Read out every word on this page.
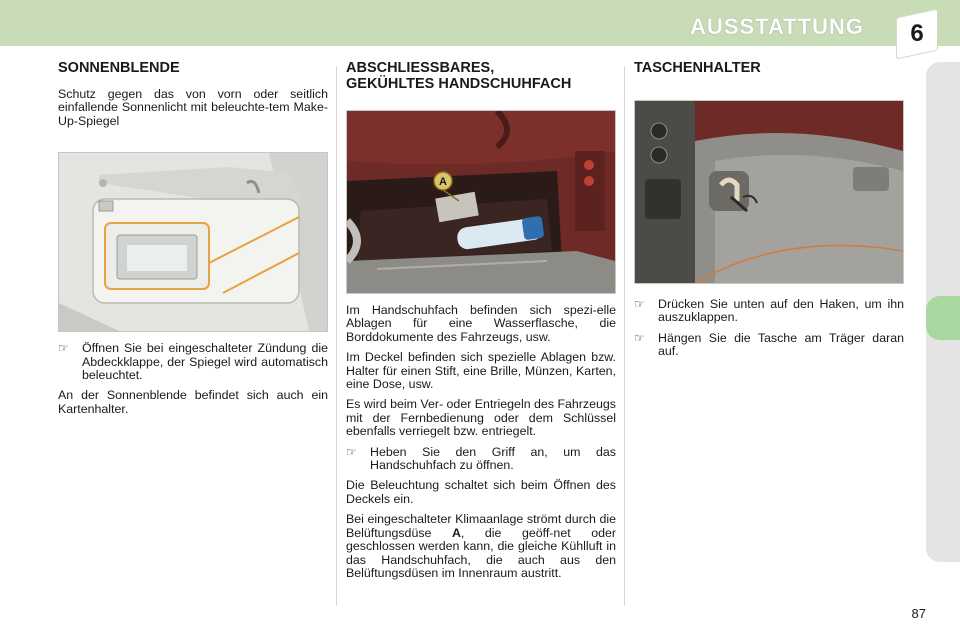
AUSSTATTUNG	6
SONNENBLENDE

Schutz gegen das von vorn oder seitlich einfallende Sonnenlicht mit beleuchte-tem Make-Up-Spiegel

☞	Öffnen Sie bei eingeschalteter Zündung die Abdeckklappe, der Spiegel wird automatisch beleuchtet.

An der Sonnenblende befindet sich auch ein Kartenhalter.

ABSCHLIESSBARES,
GEKÜHLTES HANDSCHUHFACH
A

Im Handschuhfach befinden sich spezi-elle Ablagen für eine Wasserflasche, die Borddokumente des Fahrzeugs, usw.

Im Deckel befinden sich spezielle Ablagen bzw. Halter für einen Stift, eine Brille, Münzen, Karten, eine Dose, usw.

Es wird beim Ver- oder Entriegeln des Fahrzeugs mit der Fernbedienung oder dem Schlüssel ebenfalls verriegelt bzw. entriegelt.

☞	Heben Sie den Griff an, um das Handschuhfach zu öffnen.

Die Beleuchtung schaltet sich beim Öffnen des Deckels ein.

Bei eingeschalteter Klimaanlage strömt durch die Belüftungsdüse A, die geöff-net oder geschlossen werden kann, die gleiche Kühlluft in das Handschuhfach, die auch aus den Belüftungsdüsen im Innenraum austritt.

TASCHENHALTER
☞	Drücken Sie unten auf den Haken, um ihn auszuklappen.
☞	Hängen Sie die Tasche am Träger daran auf.
87
